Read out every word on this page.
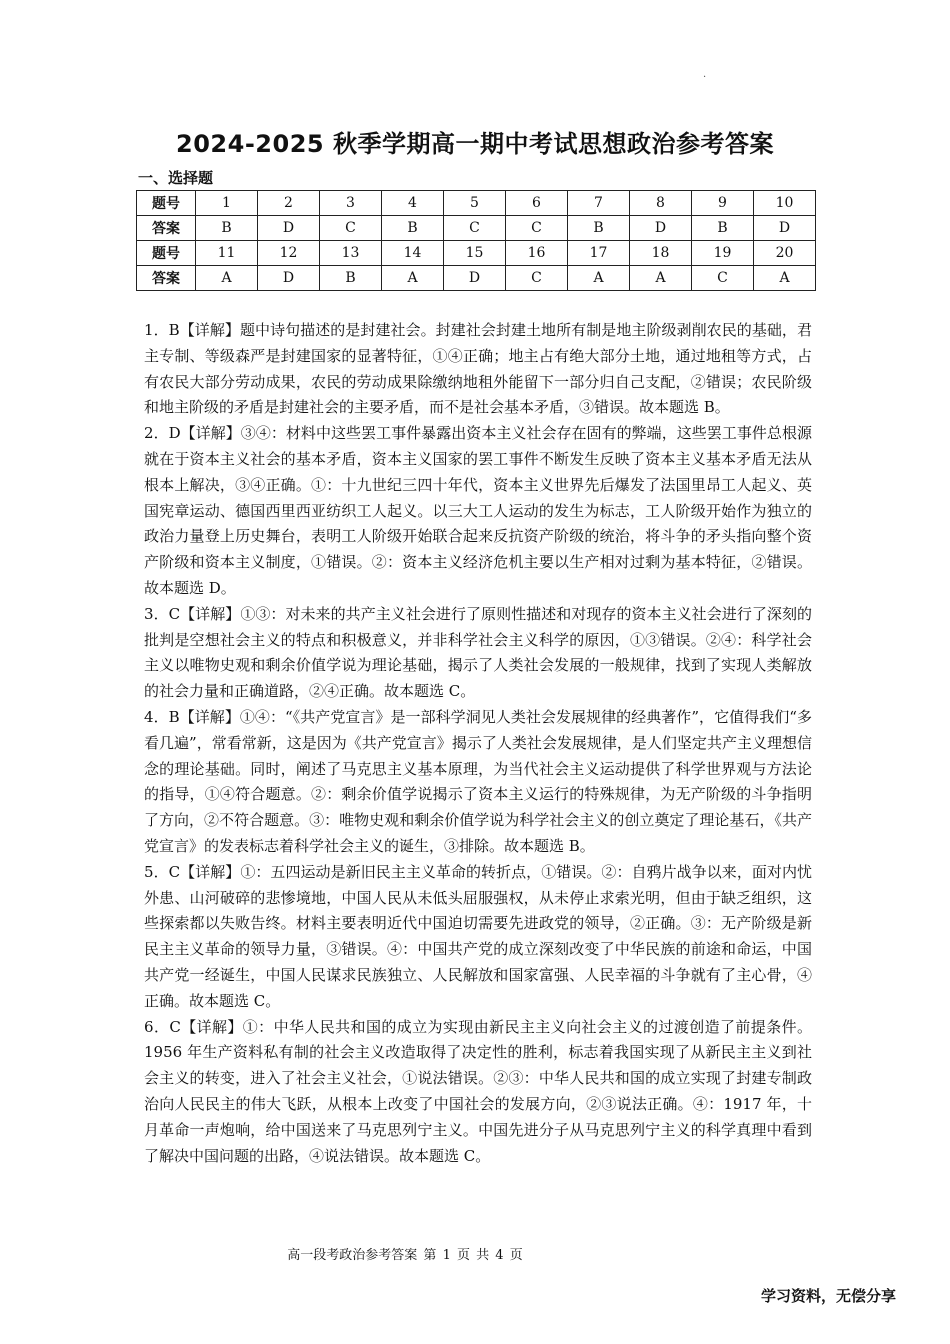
·
2024-2025 秋季学期高一期中考试思想政治参考答案
一、选择题
题号	1	2	3	4	5	6	7	8	9	10
答案	B	D	C	B	C	C	B	D	B	D
题号	11	12	13	14	15	16	17	18	19	20
答案	A	D	B	A	D	C	A	A	C	A

1．B【详解】题中诗句描述的是封建社会。封建社会封建土地所有制是地主阶级剥削农民的基础，君主专制、等级森严是封建国家的显著特征，①④正确；地主占有绝大部分土地，通过地租等方式，占有农民大部分劳动成果，农民的劳动成果除缴纳地租外能留下一部分归自己支配，②错误；农民阶级和地主阶级的矛盾是封建社会的主要矛盾，而不是社会基本矛盾，③错误。故本题选 B。

2．D【详解】③④：材料中这些罢工事件暴露出资本主义社会存在固有的弊端，这些罢工事件总根源就在于资本主义社会的基本矛盾，资本主义国家的罢工事件不断发生反映了资本主义基本矛盾无法从根本上解决，③④正确。①：十九世纪三四十年代，资本主义世界先后爆发了法国里昂工人起义、英国宪章运动、德国西里西亚纺织工人起义。以三大工人运动的发生为标志，工人阶级开始作为独立的政治力量登上历史舞台，表明工人阶级开始联合起来反抗资产阶级的统治，将斗争的矛头指向整个资产阶级和资本主义制度，①错误。②：资本主义经济危机主要以生产相对过剩为基本特征，②错误。故本题选 D。

3．C【详解】①③：对未来的共产主义社会进行了原则性描述和对现存的资本主义社会进行了深刻的批判是空想社会主义的特点和积极意义，并非科学社会主义科学的原因，①③错误。②④：科学社会主义以唯物史观和剩余价值学说为理论基础，揭示了人类社会发展的一般规律，找到了实现人类解放的社会力量和正确道路，②④正确。故本题选 C。

4．B【详解】①④：“《共产党宣言》是一部科学洞见人类社会发展规律的经典著作”，它值得我们“多看几遍”，常看常新，这是因为《共产党宣言》揭示了人类社会发展规律，是人们坚定共产主义理想信念的理论基础。同时，阐述了马克思主义基本原理，为当代社会主义运动提供了科学世界观与方法论的指导，①④符合题意。②：剩余价值学说揭示了资本主义运行的特殊规律，为无产阶级的斗争指明了方向，②不符合题意。③：唯物史观和剩余价值学说为科学社会主义的创立奠定了理论基石，《共产党宣言》的发表标志着科学社会主义的诞生，③排除。故本题选 B。

5．C【详解】①：五四运动是新旧民主主义革命的转折点，①错误。②：自鸦片战争以来，面对内忧外患、山河破碎的悲惨境地，中国人民从未低头屈服强权，从未停止求索光明，但由于缺乏组织，这些探索都以失败告终。材料主要表明近代中国迫切需要先进政党的领导，②正确。③：无产阶级是新民主主义革命的领导力量，③错误。④：中国共产党的成立深刻改变了中华民族的前途和命运，中国共产党一经诞生，中国人民谋求民族独立、人民解放和国家富强、人民幸福的斗争就有了主心骨，④正确。故本题选 C。

6．C【详解】①：中华人民共和国的成立为实现由新民主主义向社会主义的过渡创造了前提条件。1956 年生产资料私有制的社会主义改造取得了决定性的胜利，标志着我国实现了从新民主主义到社会主义的转变，进入了社会主义社会，①说法错误。②③：中华人民共和国的成立实现了封建专制政治向人民民主的伟大飞跃，从根本上改变了中国社会的发展方向，②③说法正确。④：1917 年，十月革命一声炮响，给中国送来了马克思列宁主义。中国先进分子从马克思列宁主义的科学真理中看到了解决中国问题的出路，④说法错误。故本题选 C。

高一段考政治参考答案 第 1 页 共 4 页
学习资料，无偿分享
